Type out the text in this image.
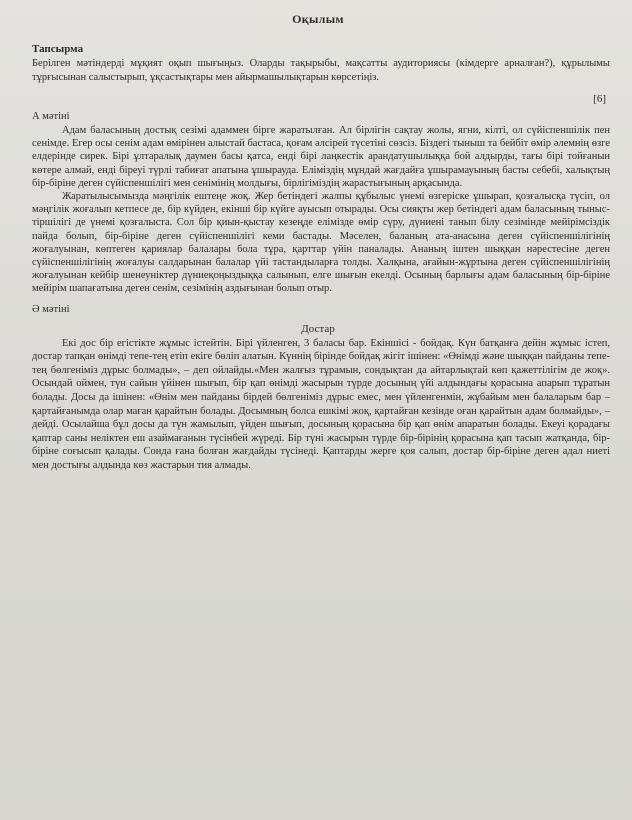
Оқылым
Тапсырма
Берілген мәтіндерді мұқият оқып шығыңыз. Оларды тақырыбы, мақсатты аудиториясы (кімдерге арналған?), құрылымы тұрғысынан салыстырып, ұқсастықтары мен айырмашылықтарын көрсетіңіз.
[6]
А мәтіні

Адам баласының достық сезімі адаммен бірге жаратылған. Ал бірлігін сақтау жолы, ягни, кілті, ол сүйіспеншілік пен сенімде. Егер осы сенім адам өмірінен алыстай бастаса, қоғам әлсірей түсетіні сөзсіз. Біздегі тыныш та бейбіт өмір әлемнің өзге елдерінде сирек. Бірі ұлтаралық даумен басы қатса, енді бірі лаңкестік арандатушылыққа бой алдырды, тағы бірі тойғанын көтере алмай, енді біреуі түрлі табиғат апатына ұшырауда. Еліміздің мұндай жағдайға ұшырамауының басты себебі, халықтың бір-біріне деген сүйіспеншілігі мен сенімінің молдығы, бірлігіміздің жарастығының арқасында.

Жаратылысымызда мәңгілік ештеңе жоқ. Жер бетіндегі жалпы құбылыс үнемі өзгеріске ұшырап, қозғалысқа түсіп, ол мәңгілік жоғалып кетпесе де, бір күйден, екінші бір күйге ауысып отырады. Осы сияқты жер бетіндегі адам баласының тыныс-тіршілігі де үнемі қозғалыста. Сол бір қиын-қыстау кезеңде елімізде өмір сүру, дүниені танып білу сезімінде мейірімсіздік пайда болып, бір-біріне деген сүйіспеншілігі кеми бастады. Мәселен, баланың ата-анасына деген сүйіспеншілігінің жоғалуынан, көптеген қариялар балалары бола тұра, қарттар үйін паналады. Ананың іштен шыққан нәрестесіне деген сүйіспеншілігінің жоғалуы салдарынан балалар үйі тастандыларға толды. Халқына, ағайын-жұртына деген сүйіспеншілігінің жоғалуынан кейбір шенеуніктер дүниеқоңыздыққа салынып, елге шығын екелді. Осының барлығы адам баласының бір-біріне мейірім шапағатына деген сенім, сезімінің аздығынан болып отыр.

Ә мәтіні
Достар

Екі дос бір егістікте жұмыс істейтін. Бірі үйленген, 3 баласы бар. Екіншісі - бойдақ. Күн батқанға дейін жұмыс істеп, достар тапқан өнімді тепе-тең етіп екіге бөліп алатын. Күннің бірінде бойдақ жігіт ішінен: «Өнімді және шыққан пайданы тепе-тең бөлгеніміз дұрыс болмады», – деп ойлайды.«Мен жалғыз тұрамын, сондықтан да айтарлықтай көп қажеттілігім де жоқ». Осындай оймен, түн сайын үйінен шығып, бір қап өнімді жасырын түрде досының үйі алдындағы қорасына апарып тұратын болады. Досы да ішінен: «Өнім мен пайданы бірдей бөлгеніміз дұрыс емес, мен үйленгенмін, жұбайым мен балаларым бар – қартайғанымда олар маған қарайтын болады. Досымның болса ешкімі жоқ, қартайған кезінде оған қарайтын адам болмайды», – дейді. Осылайша бұл досы да түн жамылып, үйден шығып, досының қорасына бір қап өнім апаратын болады. Екеуі қорадағы қаптар саны неліктен еш азаймағанын түсінбей жүреді. Бір түні жасырын түрде бір-бірінің қорасына қап тасып жатқанда, бір-біріне соғысып қалады. Сонда ғана болған жағдайды түсінеді. Қаптарды жерге қоя салып, достар бір-біріне деген адал ниеті мен достығы алдында көз жастарын тия алмады.
